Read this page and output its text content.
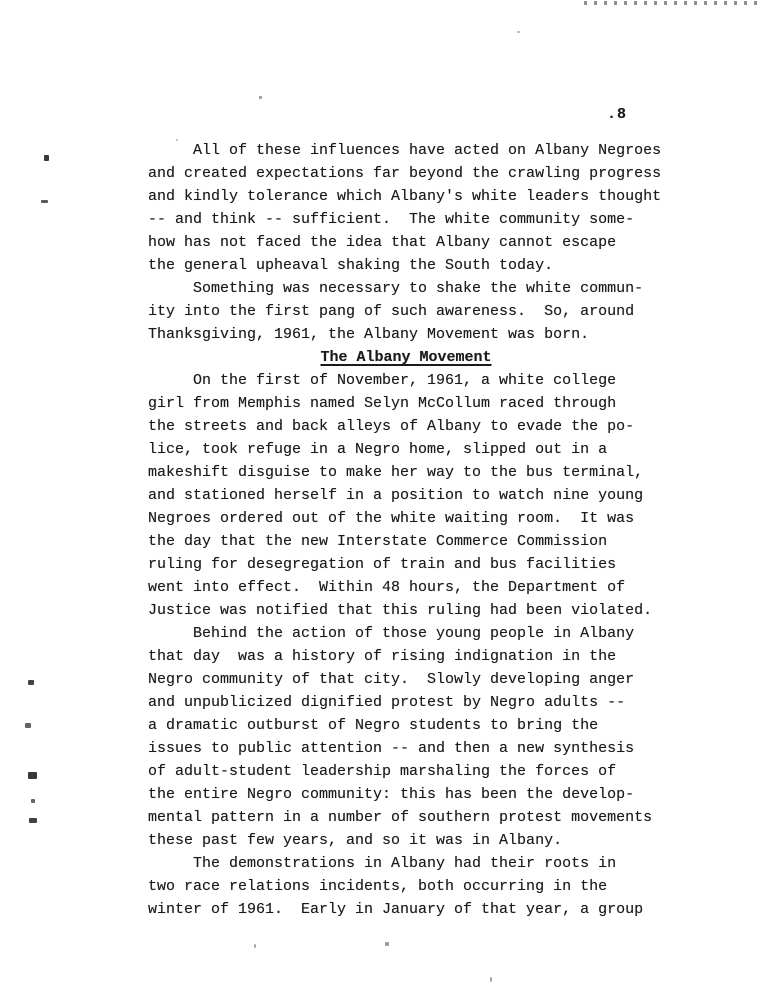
.8
All of these influences have acted on Albany Negroes
and created expectations far beyond the crawling progress
and kindly tolerance which Albany's white leaders thought
-- and think -- sufficient.  The white community some-
how has not faced the idea that Albany cannot escape
the general upheaval shaking the South today.
Something was necessary to shake the white commun-
ity into the first pang of such awareness.  So, around
Thanksgiving, 1961, the Albany Movement was born.
The Albany Movement
On the first of November, 1961, a white college
girl from Memphis named Selyn McCollum raced through
the streets and back alleys of Albany to evade the po-
lice, took refuge in a Negro home, slipped out in a
makeshift disguise to make her way to the bus terminal,
and stationed herself in a position to watch nine young
Negroes ordered out of the white waiting room.  It was
the day that the new Interstate Commerce Commission
ruling for desegregation of train and bus facilities
went into effect.  Within 48 hours, the Department of
Justice was notified that this ruling had been violated.
Behind the action of those young people in Albany
that day  was a history of rising indignation in the
Negro community of that city.  Slowly developing anger
and unpublicized dignified protest by Negro adults --
a dramatic outburst of Negro students to bring the
issues to public attention -- and then a new synthesis
of adult-student leadership marshaling the forces of
the entire Negro community: this has been the develop-
mental pattern in a number of southern protest movements
these past few years, and so it was in Albany.
The demonstrations in Albany had their roots in
two race relations incidents, both occurring in the
winter of 1961.  Early in January of that year, a group
